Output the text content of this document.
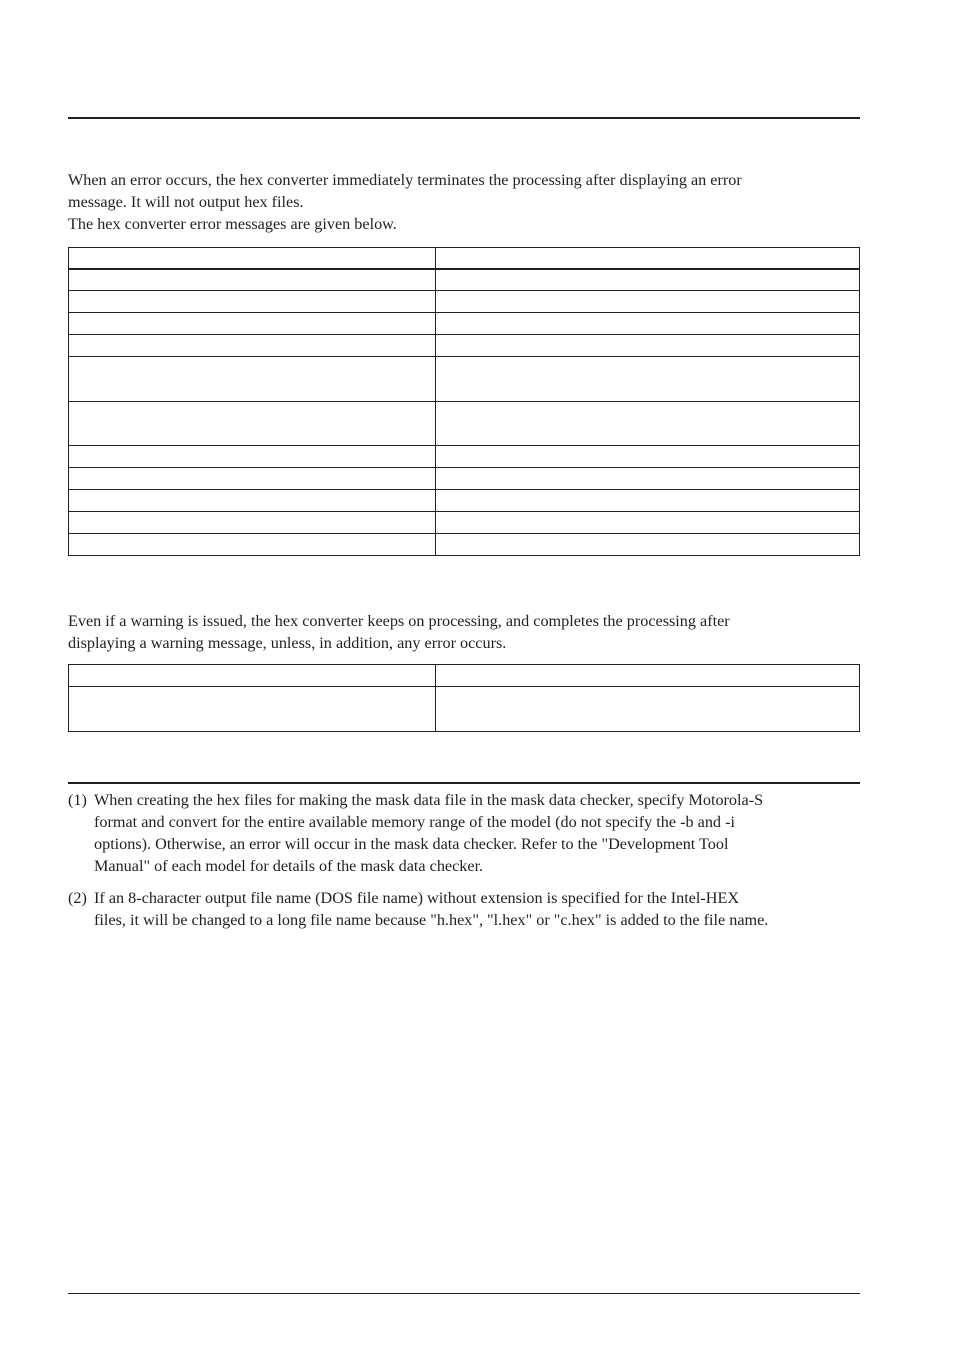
When an error occurs, the hex converter immediately terminates the processing after displaying an error
message. It will not output hex files.
The hex converter error messages are given below.

Even if a warning is issued, the hex converter keeps on processing, and completes the processing after
displaying a warning message, unless, in addition, any error occurs.

(1) When creating the hex files for making the mask data file in the mask data checker, specify Motorola-S
format and convert for the entire available memory range of the model (do not specify the -b and -i
options). Otherwise, an error will occur in the mask data checker. Refer to the "Development Tool
Manual" of each model for details of the mask data checker.
(2) If an 8-character output file name (DOS file name) without extension is specified for the Intel-HEX
files, it will be changed to a long file name because "h.hex", "l.hex" or "c.hex" is added to the file name.
